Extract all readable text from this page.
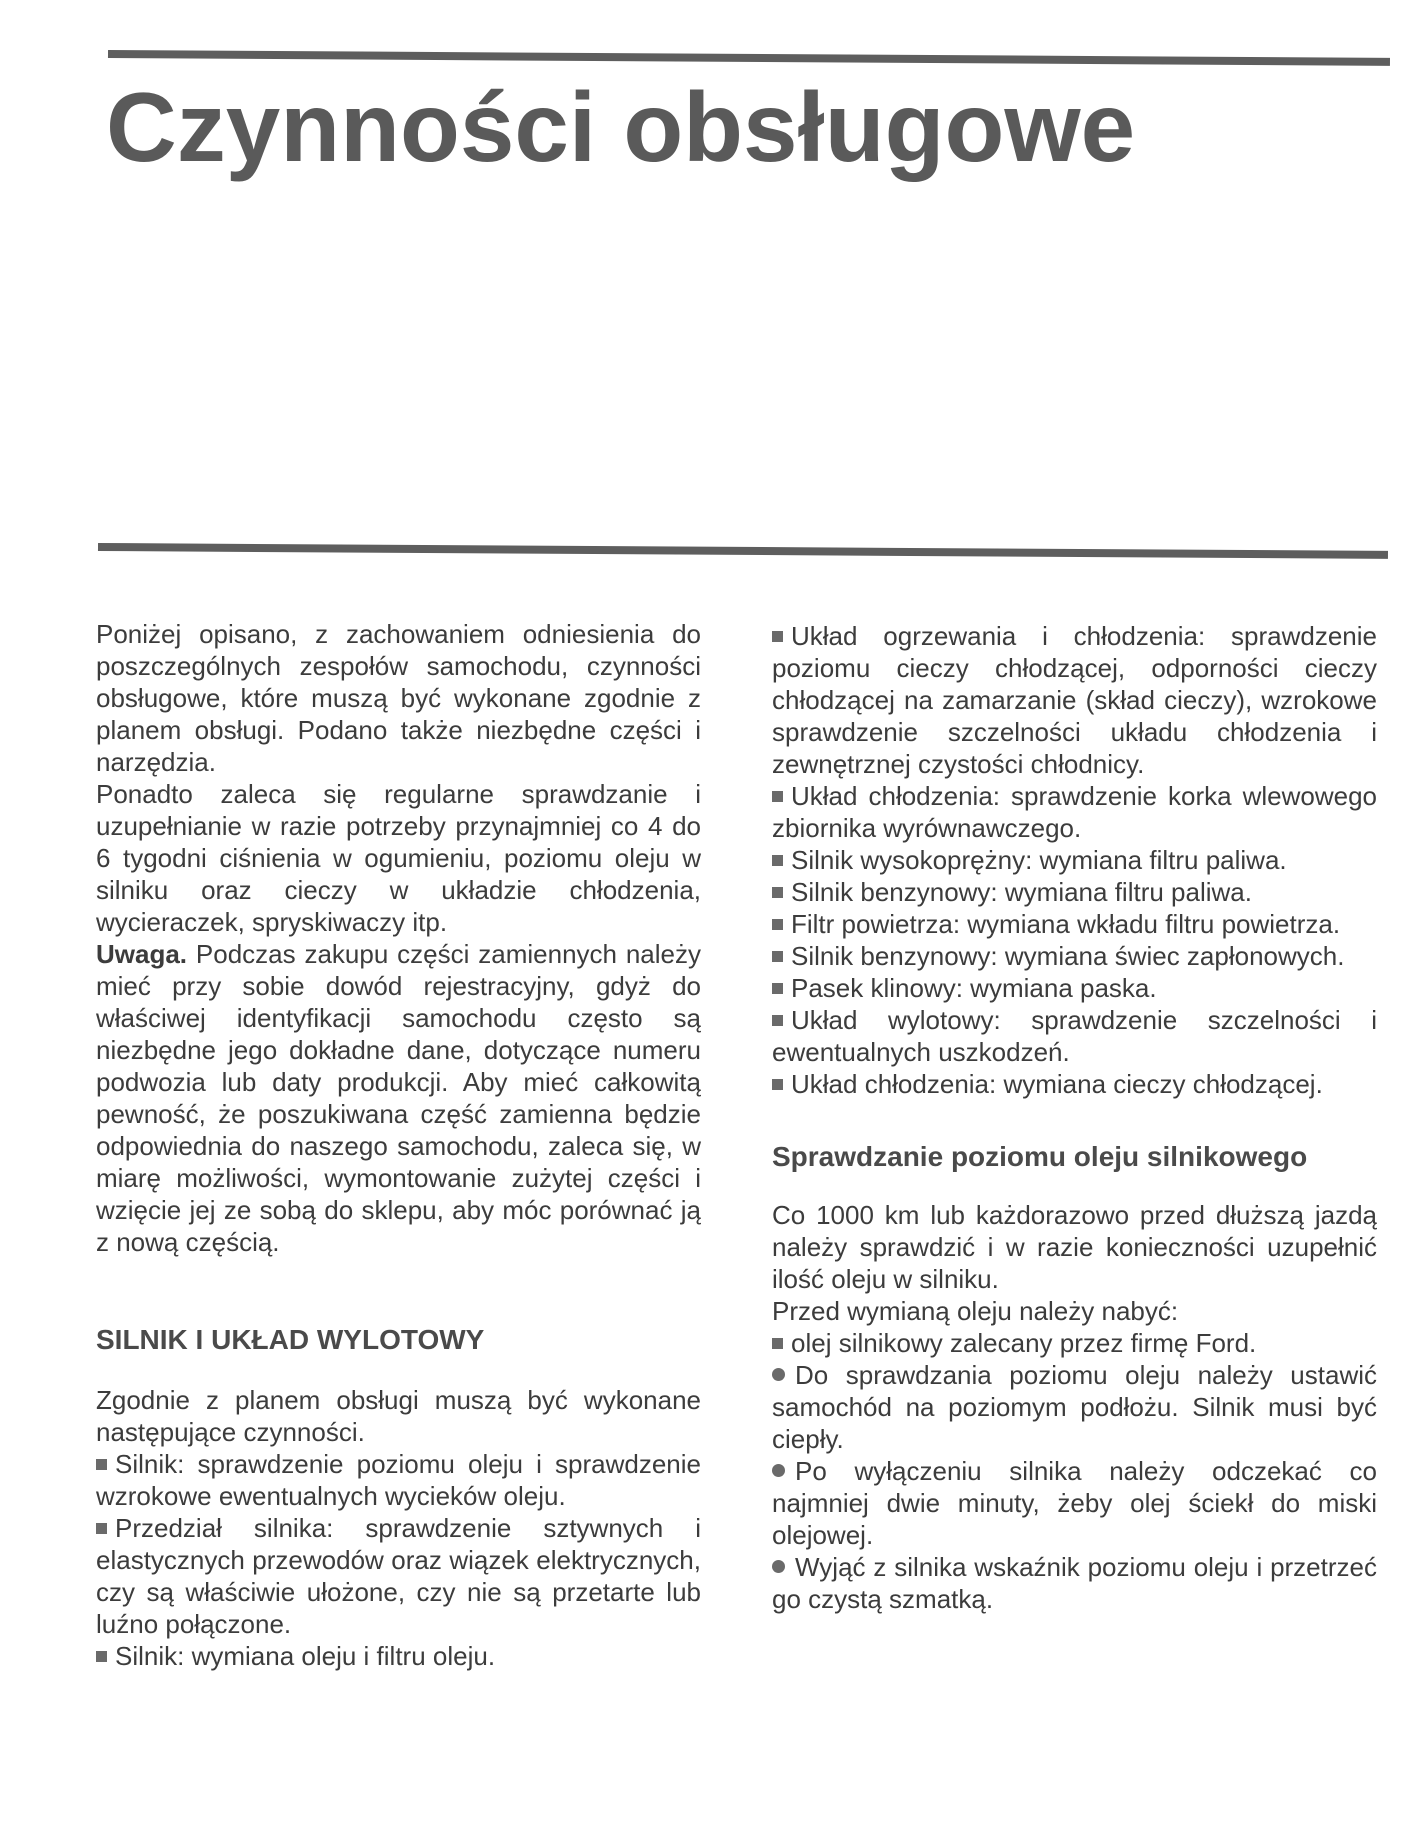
Czynności obsługowe

Poniżej opisano, z zachowaniem odniesienia do poszczególnych zespołów samochodu, czynności obsługowe, które muszą być wykonane zgodnie z planem obsługi. Podano także niezbędne części i narzędzia.

Ponadto zaleca się regularne sprawdzanie i uzupełnianie w razie potrzeby przynajmniej co 4 do 6 tygodni ciśnienia w ogumieniu, poziomu oleju w silniku oraz cieczy w układzie chłodzenia, wycieraczek, spryskiwaczy itp.

Uwaga. Podczas zakupu części zamiennych należy mieć przy sobie dowód rejestracyjny, gdyż do właściwej identyfikacji samochodu często są niezbędne jego dokładne dane, dotyczące numeru podwozia lub daty produkcji. Aby mieć całkowitą pewność, że poszukiwana część zamienna będzie odpowiednia do naszego samochodu, zaleca się, w miarę możliwości, wymontowanie zużytej części i wzięcie jej ze sobą do sklepu, aby móc porównać ją z nową częścią.

SILNIK I UKŁAD WYLOTOWY

Zgodnie z planem obsługi muszą być wykonane następujące czynności.

Silnik: sprawdzenie poziomu oleju i sprawdzenie wzrokowe ewentualnych wycieków oleju.

Przedział silnika: sprawdzenie sztywnych i elastycznych przewodów oraz wiązek elektrycznych, czy są właściwie ułożone, czy nie są przetarte lub luźno połączone.

Silnik: wymiana oleju i filtru oleju.

Układ ogrzewania i chłodzenia: sprawdzenie poziomu cieczy chłodzącej, odporności cieczy chłodzącej na zamarzanie (skład cieczy), wzrokowe sprawdzenie szczelności układu chłodzenia i zewnętrznej czystości chłodnicy.

Układ chłodzenia: sprawdzenie korka wlewowego zbiornika wyrównawczego.

Silnik wysokoprężny: wymiana filtru paliwa.

Silnik benzynowy: wymiana filtru paliwa.

Filtr powietrza: wymiana wkładu filtru powietrza.

Silnik benzynowy: wymiana świec zapłonowych.

Pasek klinowy: wymiana paska.

Układ wylotowy: sprawdzenie szczelności i ewentualnych uszkodzeń.

Układ chłodzenia: wymiana cieczy chłodzącej.

Sprawdzanie poziomu oleju silnikowego

Co 1000 km lub każdorazowo przed dłuższą jazdą należy sprawdzić i w razie konieczności uzupełnić ilość oleju w silniku.

Przed wymianą oleju należy nabyć:

olej silnikowy zalecany przez firmę Ford.

Do sprawdzania poziomu oleju należy ustawić samochód na poziomym podłożu. Silnik musi być ciepły.

Po wyłączeniu silnika należy odczekać co najmniej dwie minuty, żeby olej ściekł do miski olejowej.

Wyjąć z silnika wskaźnik poziomu oleju i przetrzeć go czystą szmatką.
